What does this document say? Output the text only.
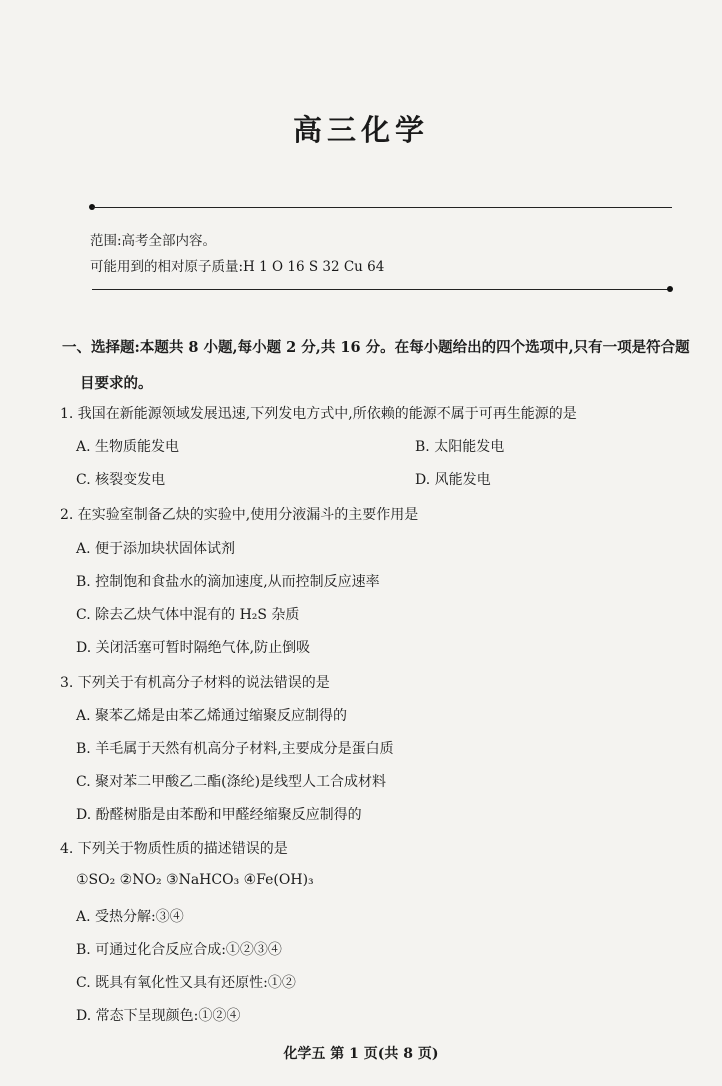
高三化学
范围:高考全部内容。
可能用到的相对原子质量:H 1 O 16 S 32 Cu 64
一、选择题:本题共 8 小题,每小题 2 分,共 16 分。在每小题给出的四个选项中,只有一项是符合题
目要求的。
1. 我国在新能源领域发展迅速,下列发电方式中,所依赖的能源不属于可再生能源的是
A. 生物质能发电	B. 太阳能发电
C. 核裂变发电	D. 风能发电
2. 在实验室制备乙炔的实验中,使用分液漏斗的主要作用是
A. 便于添加块状固体试剂
B. 控制饱和食盐水的滴加速度,从而控制反应速率
C. 除去乙炔气体中混有的 H₂S 杂质
D. 关闭活塞可暂时隔绝气体,防止倒吸
3. 下列关于有机高分子材料的说法错误的是
A. 聚苯乙烯是由苯乙烯通过缩聚反应制得的
B. 羊毛属于天然有机高分子材料,主要成分是蛋白质
C. 聚对苯二甲酸乙二酯(涤纶)是线型人工合成材料
D. 酚醛树脂是由苯酚和甲醛经缩聚反应制得的
4. 下列关于物质性质的描述错误的是
①SO₂ ②NO₂ ③NaHCO₃ ④Fe(OH)₃
A. 受热分解:③④
B. 可通过化合反应合成:①②③④
C. 既具有氧化性又具有还原性:①②
D. 常态下呈现颜色:①②④
化学五 第 1 页(共 8 页)
